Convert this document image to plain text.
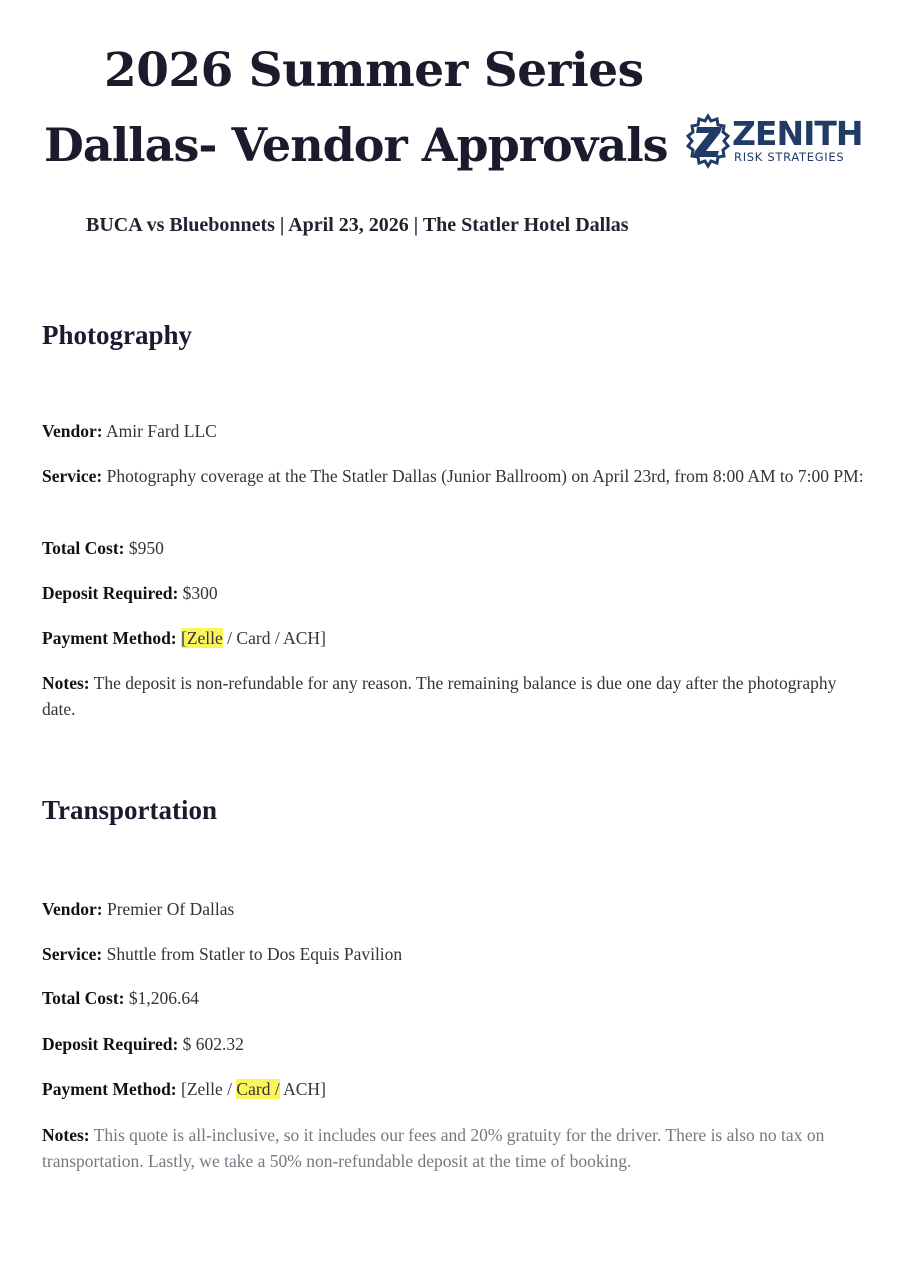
2026 Summer Series
Dallas- Vendor Approvals ZENITH
RISK STRATEGIES
BUCA vs Bluebonnets | April 23, 2026 | The Statler Hotel Dallas
Photography
Vendor: Amir Fard LLC
Service: Photography coverage at the The Statler Dallas (Junior Ballroom) on April 23rd, from 8:00 AM to 7:00 PM:
Total Cost: $950
Deposit Required: $300
Payment Method: [Zelle / Card / ACH]
Notes: The deposit is non-refundable for any reason. The remaining balance is due one day after the photography date.
Transportation
Vendor: Premier Of Dallas
Service: Shuttle from Statler to Dos Equis Pavilion
Total Cost: $1,206.64
Deposit Required: $ 602.32
Payment Method: [Zelle / Card / ACH]
Notes: This quote is all-inclusive, so it includes our fees and 20% gratuity for the driver. There is also no tax on transportation. Lastly, we take a 50% non-refundable deposit at the time of booking.
